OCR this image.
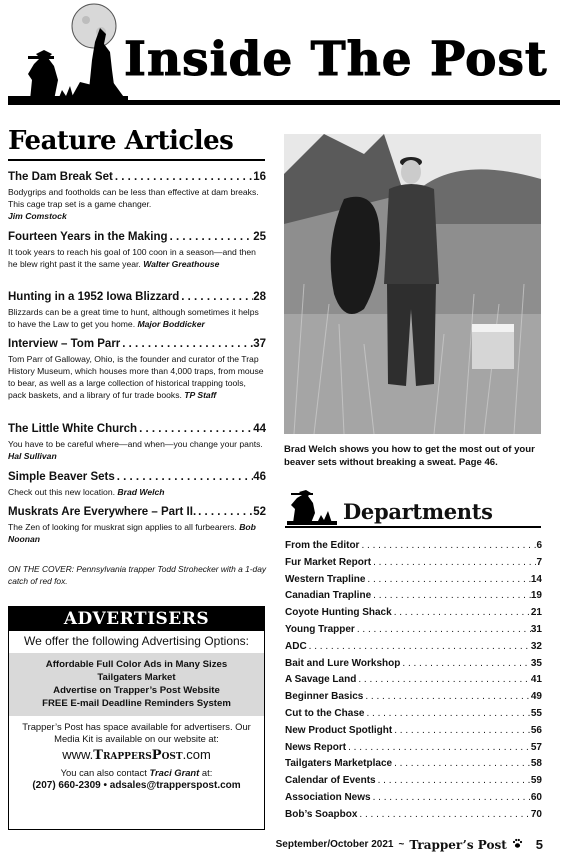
Inside The Post
Feature Articles
The Dam Break Set . . .	16
Bodygrips and footholds can be less than effective at dam breaks. This cage trap set is a game changer.
Jim Comstock
Fourteen Years in the Making . . .	25
It took years to reach his goal of 100 coon in a season—and then he blew right past it the same year. Walter Greathouse
Hunting in a 1952 Iowa Blizzard . . .	28
Blizzards can be a great time to hunt, although sometimes it helps to have the Law to get you home. Major Boddicker
Interview – Tom Parr . . .	37
Tom Parr of Galloway, Ohio, is the founder and curator of the Trap History Museum, which houses more than 4,000 traps, from mouse to bear, as well as a large collection of historical trapping tools, pack baskets, and a library of fur trade books. TP Staff
The Little White Church . . .	44
You have to be careful where—and when—you change your pants. Hal Sullivan
Simple Beaver Sets . . .	46
Check out this new location. Brad Welch
Muskrats Are Everywhere – Part II. . . .	52
The Zen of looking for muskrat sign applies to all furbearers. Bob Noonan
ON THE COVER: Pennsylvania trapper Todd Strohecker with a 1-day catch of red fox.
ADVERTISERS
We offer the following Advertising Options:
Affordable Full Color Ads in Many Sizes
Tailgaters Market
Advertise on Trapper’s Post Website
FREE E-mail Deadline Reminders System
Trapper’s Post has space available for advertisers. Our Media Kit is available on our website at:
www.TrappersPost.com
You can also contact Traci Grant at:
(207) 660-2309 • adsales@trapperspost.com
Brad Welch shows you how to get the most out of your beaver sets without breaking a sweat. Page 46.
Departments
From the Editor . . .	6
Fur Market Report . . .	7
Western Trapline . . .	14
Canadian Trapline . . .	19
Coyote Hunting Shack . . .	21
Young Trapper . . .	31
ADC . . .	32
Bait and Lure Workshop . . .	35
A Savage Land . . .	41
Beginner Basics . . .	49
Cut to the Chase . . .	55
New Product Spotlight . . .	56
News Report . . .	57
Tailgaters Marketplace . . .	58
Calendar of Events . . .	59
Association News . . .	60
Bob’s Soapbox . . .	70
September/October 2021 ~ Trapper’s Post 5
